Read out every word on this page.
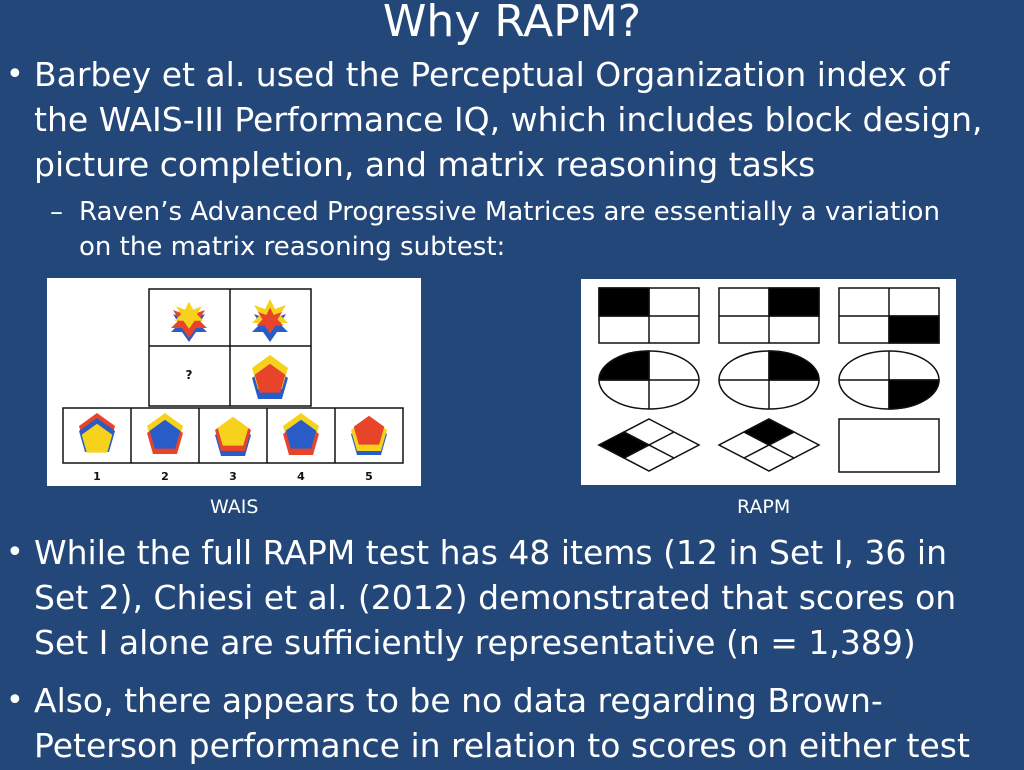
Why RAPM?
• Barbey et al. used the Perceptual Organization index of the WAIS-III Performance IQ, which includes block design, picture completion, and matrix reasoning tasks
– Raven’s Advanced Progressive Matrices are essentially a variation on the matrix reasoning subtest:
?
1	2	3	4	5
WAIS	RAPM
• While the full RAPM test has 48 items (12 in Set I, 36 in Set 2), Chiesi et al. (2012) demonstrated that scores on Set I alone are sufficiently representative (n = 1,389)
• Also, there appears to be no data regarding Brown-Peterson performance in relation to scores on either test
